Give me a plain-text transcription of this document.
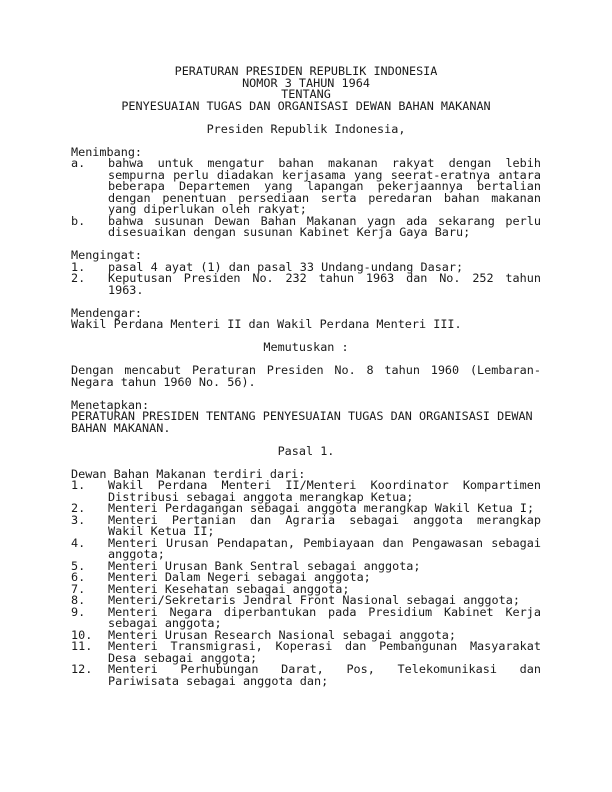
PERATURAN PRESIDEN REPUBLIK INDONESIA
NOMOR 3 TAHUN 1964
TENTANG
PENYESUAIAN TUGAS DAN ORGANISASI DEWAN BAHAN MAKANAN
Presiden Republik Indonesia,
Menimbang:
a.	bahwa untuk mengatur bahan makanan rakyat dengan lebih
sempurna perlu diadakan kerjasama yang seerat-eratnya antara
beberapa Departemen yang lapangan pekerjaannya bertalian
dengan penentuan persediaan serta peredaran bahan makanan
yang diperlukan oleh rakyat;
b.	bahwa susunan Dewan Bahan Makanan yagn ada sekarang perlu
disesuaikan dengan susunan Kabinet Kerja Gaya Baru;
Mengingat:
1.	pasal 4 ayat (1) dan pasal 33 Undang-undang Dasar;
2.	Keputusan Presiden No. 232 tahun 1963 dan No. 252 tahun
1963.
Mendengar:
Wakil Perdana Menteri II dan Wakil Perdana Menteri III.
Memutuskan :
Dengan mencabut Peraturan Presiden No. 8 tahun 1960 (Lembaran-
Negara tahun 1960 No. 56).
Menetapkan:
PERATURAN PRESIDEN TENTANG PENYESUAIAN TUGAS DAN ORGANISASI DEWAN
BAHAN MAKANAN.
Pasal 1.
Dewan Bahan Makanan terdiri dari:
1.	Wakil Perdana Menteri II/Menteri Koordinator Kompartimen
Distribusi sebagai anggota merangkap Ketua;
2.	Menteri Perdagangan sebagai anggota merangkap Wakil Ketua I;
3.	Menteri Pertanian dan Agraria sebagai anggota merangkap
Wakil Ketua II;
4.	Menteri Urusan Pendapatan, Pembiayaan dan Pengawasan sebagai
anggota;
5.	Menteri Urusan Bank Sentral sebagai anggota;
6.	Menteri Dalam Negeri sebagai anggota;
7.	Menteri Kesehatan sebagai anggota;
8.	Menteri/Sekretaris Jendral Front Nasional sebagai anggota;
9.	Menteri Negara diperbantukan pada Presidium Kabinet Kerja
sebagai anggota;
10.	Menteri Urusan Research Nasional sebagai anggota;
11.	Menteri Transmigrasi, Koperasi dan Pembangunan Masyarakat
Desa sebagai anggota;
12.	Menteri Perhubungan Darat, Pos, Telekomunikasi dan
Pariwisata sebagai anggota dan;
